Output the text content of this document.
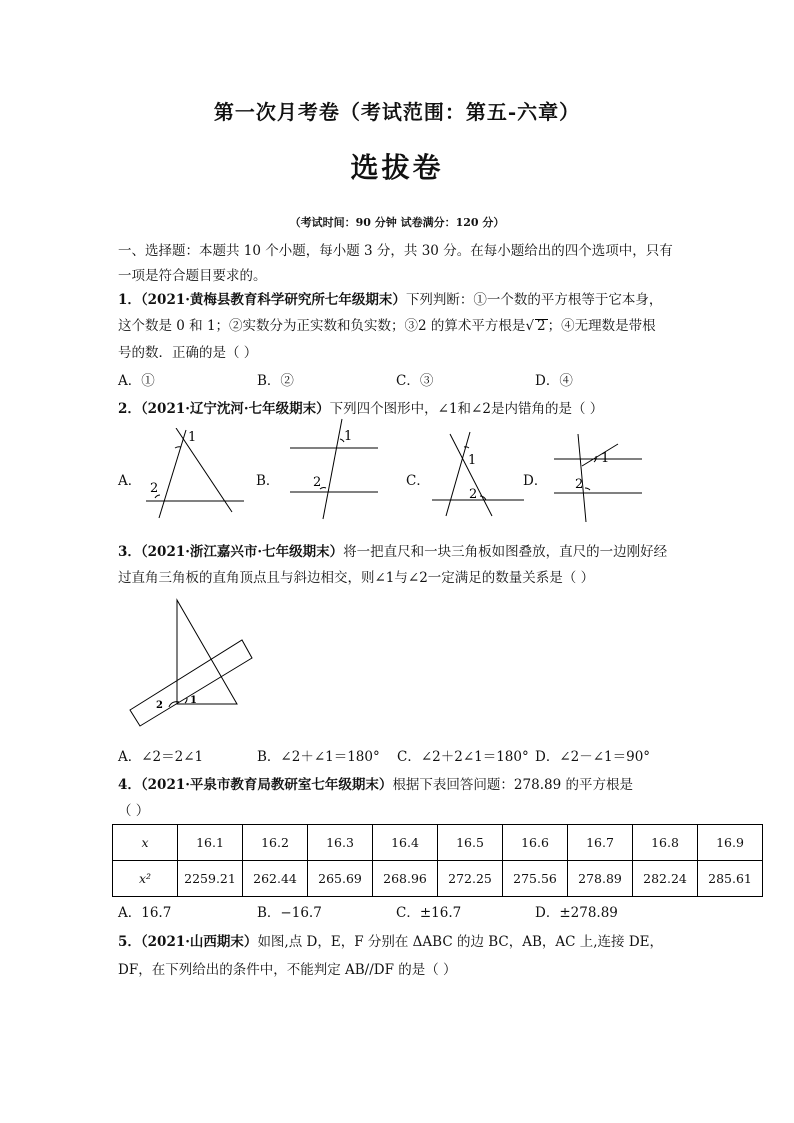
第一次月考卷（考试范围：第五-六章）
选拔卷
（考试时间：90 分钟 试卷满分：120 分）
一、选择题：本题共 10 个小题，每小题 3 分，共 30 分。在每小题给出的四个选项中，只有
一项是符合题目要求的。
1．（2021·黄梅县教育科学研究所七年级期末）下列判断：①一个数的平方根等于它本身，
这个数是 0 和 1；②实数分为正实数和负实数；③2 的算术平方根是√ 2 ；④无理数是带根
号的数．正确的是（ ）
A．①	B．②	C．③	D．④
2．（2021·辽宁沈河·七年级期末）下列四个图形中，∠1和∠2是内错角的是（ ）
A．	B．	C．	D．
1
2
1
2
1
2
1
2
3．（2021·浙江嘉兴市·七年级期末）将一把直尺和一块三角板如图叠放，直尺的一边刚好经
过直角三角板的直角顶点且与斜边相交，则∠1与∠2一定满足的数量关系是（ ）
2	1
A．∠2＝2∠1	B．∠2＋∠1＝180° C．∠2＋2∠1＝180° D．∠2－∠1＝90°
4．（2021·平泉市教育局教研室七年级期末）根据下表回答问题：278.89 的平方根是
（ ）
x	16.1	16.2	16.3	16.4	16.5	16.6	16.7	16.8	16.9
x²	2259.21	262.44	265.69	268.96	272.25	275.56	278.89	282.24	285.61
A．16.7	B．−16.7	C．±16.7	D．±278.89
5．（2021·山西期末）如图,点 D，E，F 分别在 ΔABC 的边 BC，AB，AC 上,连接 DE，
DF，在下列给出的条件中，不能判定 AB//DF 的是（ ）
